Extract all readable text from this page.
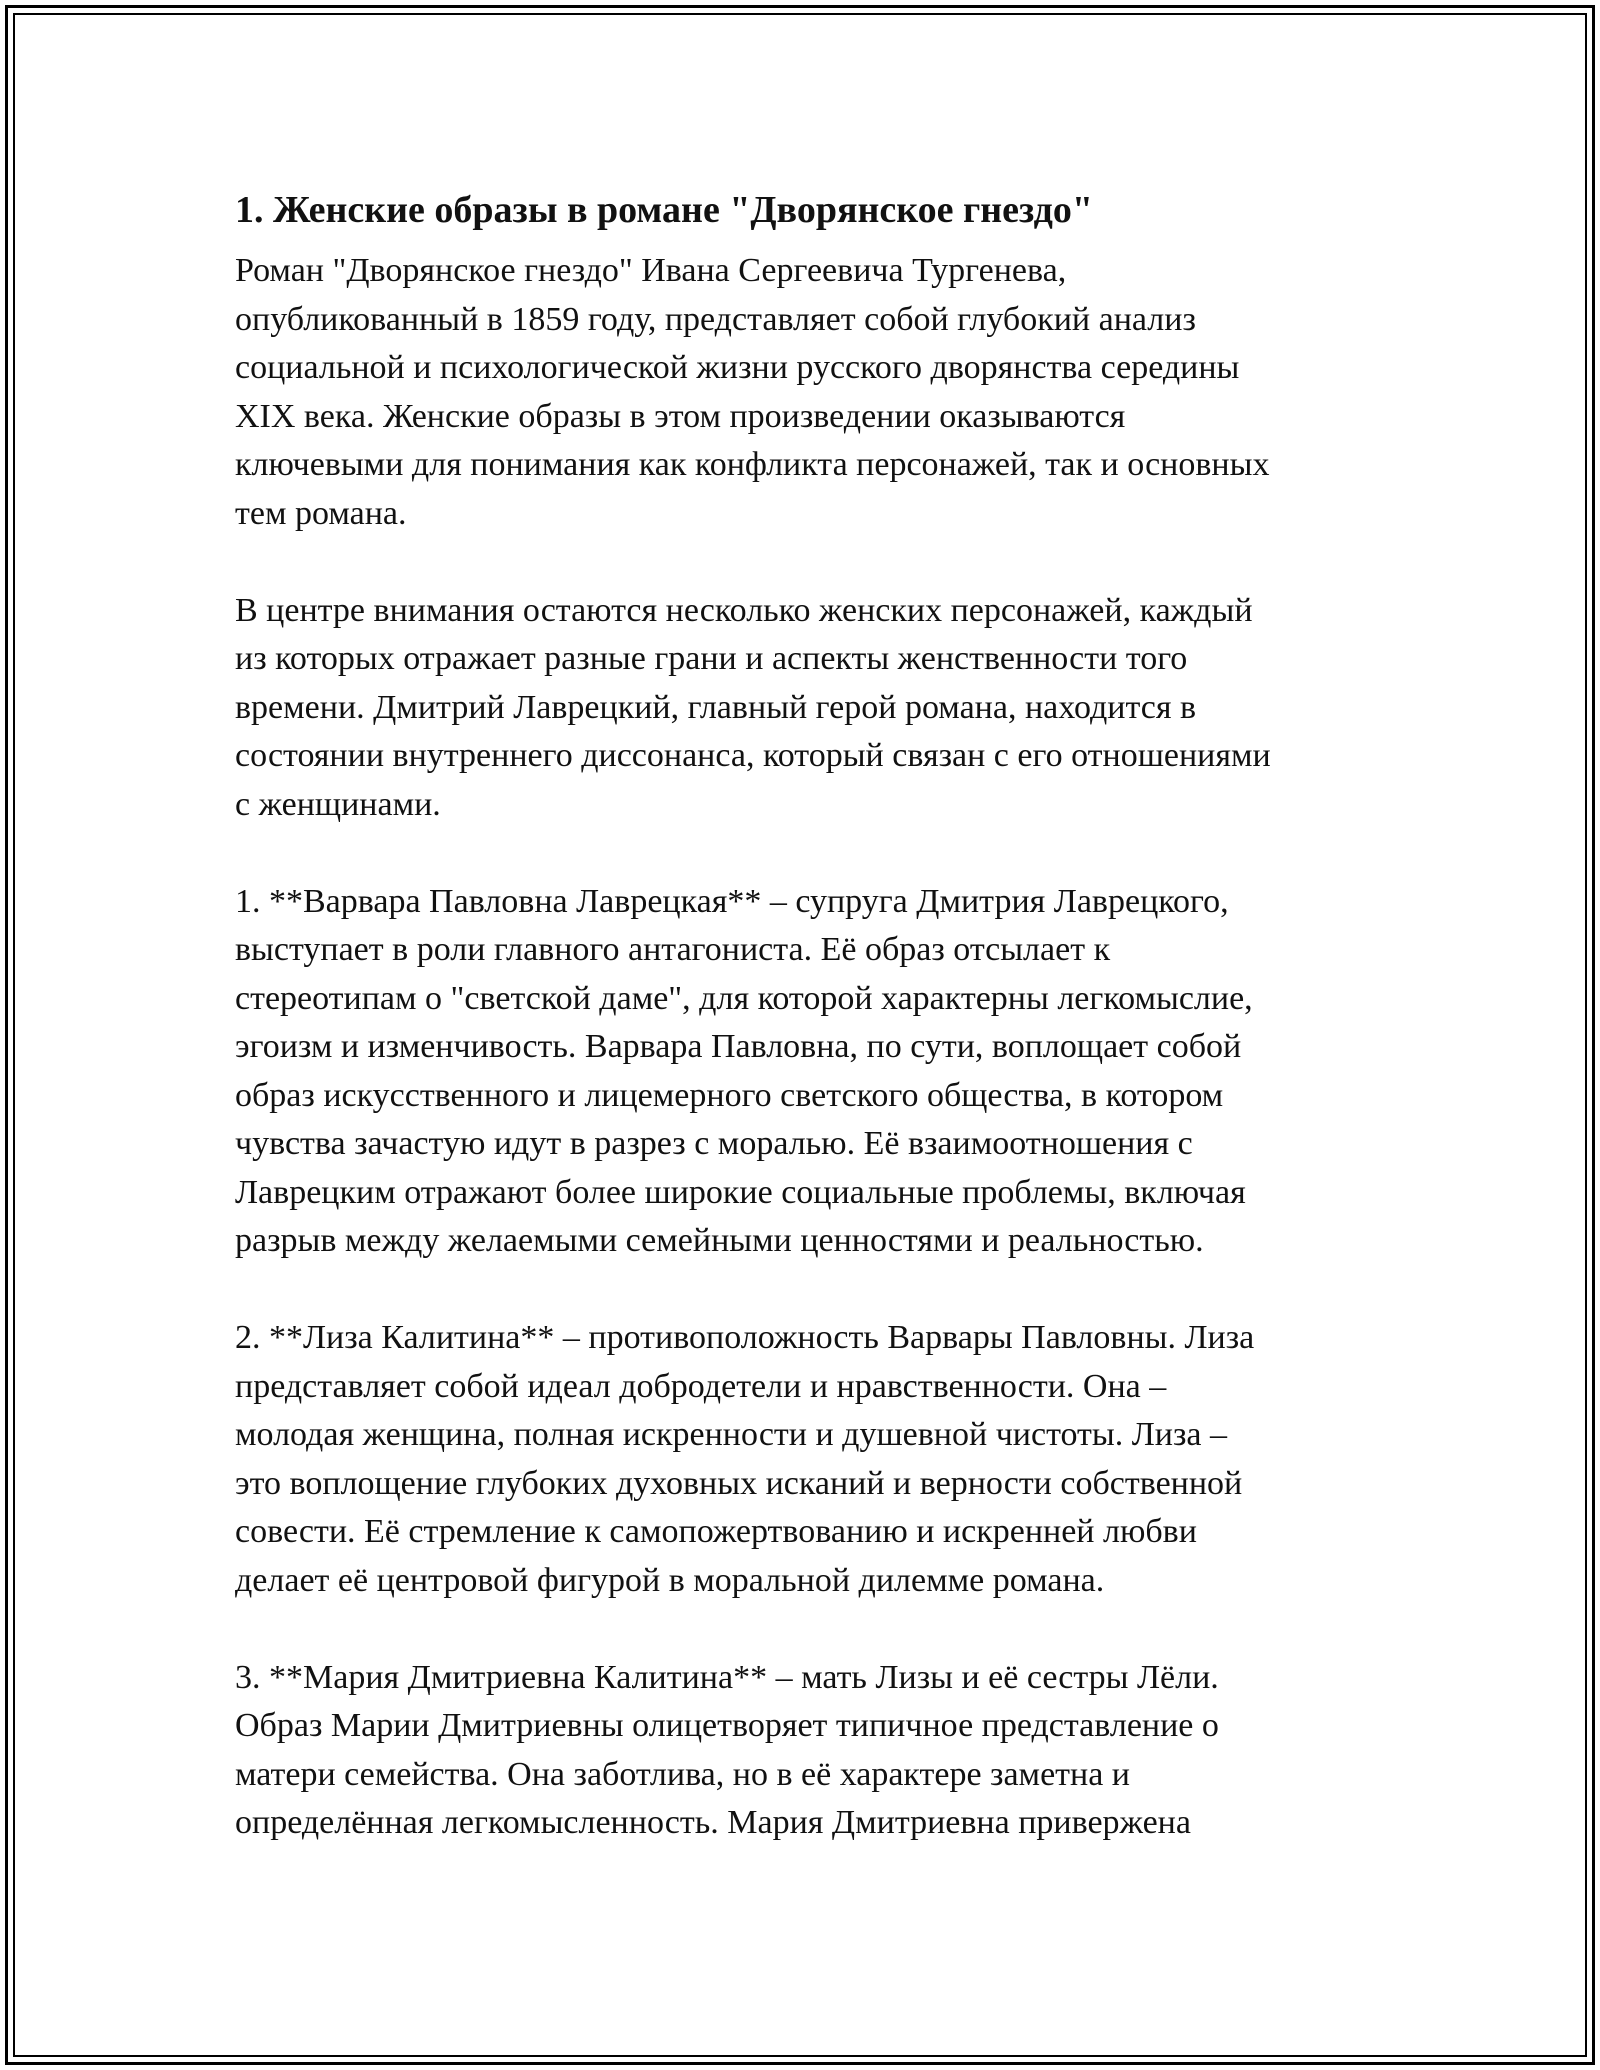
1. Женские образы в романе "Дворянское гнездо"
Роман "Дворянское гнездо" Ивана Сергеевича Тургенева,
опубликованный в 1859 году, представляет собой глубокий анализ
социальной и психологической жизни русского дворянства середины
XIX века. Женские образы в этом произведении оказываются
ключевыми для понимания как конфликта персонажей, так и основных
тем романа.
В центре внимания остаются несколько женских персонажей, каждый
из которых отражает разные грани и аспекты женственности того
времени. Дмитрий Лаврецкий, главный герой романа, находится в
состоянии внутреннего диссонанса, который связан с его отношениями
с женщинами.
1. **Варвара Павловна Лаврецкая** – супруга Дмитрия Лаврецкого,
выступает в роли главного антагониста. Её образ отсылает к
стереотипам о "светской даме", для которой характерны легкомыслие,
эгоизм и изменчивость. Варвара Павловна, по сути, воплощает собой
образ искусственного и лицемерного светского общества, в котором
чувства зачастую идут в разрез с моралью. Её взаимоотношения с
Лаврецким отражают более широкие социальные проблемы, включая
разрыв между желаемыми семейными ценностями и реальностью.
2. **Лиза Калитина** – противоположность Варвары Павловны. Лиза
представляет собой идеал добродетели и нравственности. Она –
молодая женщина, полная искренности и душевной чистоты. Лиза –
это воплощение глубоких духовных исканий и верности собственной
совести. Её стремление к самопожертвованию и искренней любви
делает её центровой фигурой в моральной дилемме романа.
3. **Мария Дмитриевна Калитина** – мать Лизы и её сестры Лёли.
Образ Марии Дмитриевны олицетворяет типичное представление о
матери семейства. Она заботлива, но в её характере заметна и
определённая легкомысленность. Мария Дмитриевна привержена
